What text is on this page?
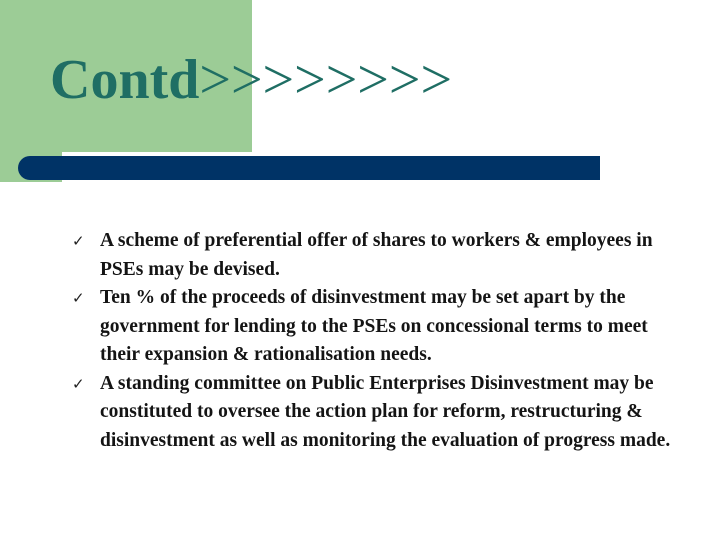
Contd>>>>>>>>
✓ A scheme of preferential offer of shares to workers & employees in PSEs may be devised.
✓ Ten % of the proceeds of disinvestment may be set apart by the government for lending to the PSEs on concessional terms to meet their expansion & rationalisation needs.
✓ A standing committee on Public Enterprises Disinvestment may be constituted to oversee the action plan for reform, restructuring & disinvestment as well as monitoring the evaluation of progress made.
